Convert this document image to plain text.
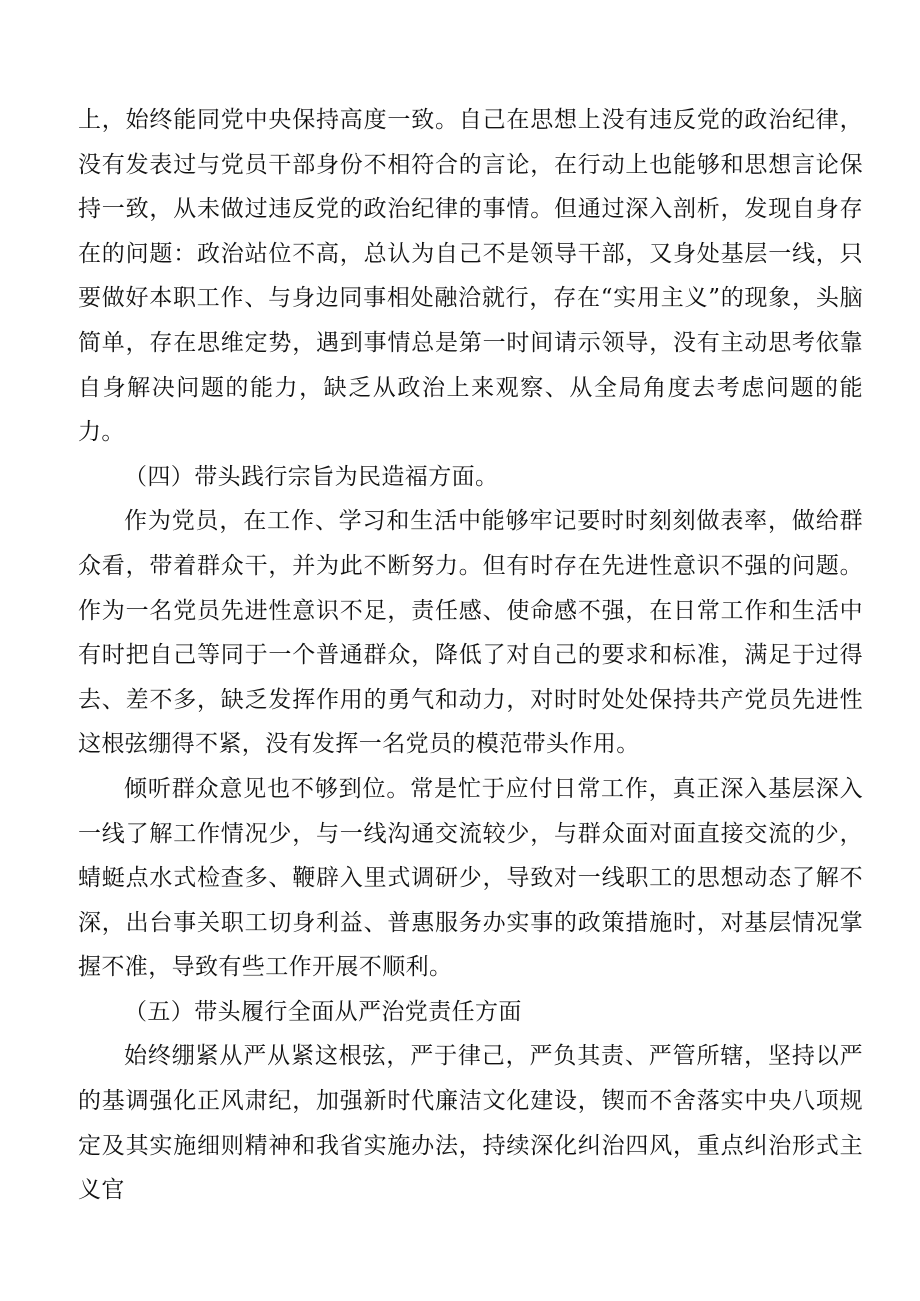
上，始终能同党中央保持高度一致。自己在思想上没有违反党的政治纪律，没有发表过与党员干部身份不相符合的言论，在行动上也能够和思想言论保持一致，从未做过违反党的政治纪律的事情。但通过深入剖析，发现自身存在的问题：政治站位不高，总认为自己不是领导干部，又身处基层一线，只要做好本职工作、与身边同事相处融洽就行，存在“实用主义”的现象，头脑简单，存在思维定势，遇到事情总是第一时间请示领导，没有主动思考依靠自身解决问题的能力，缺乏从政治上来观察、从全局角度去考虑问题的能力。

（四）带头践行宗旨为民造福方面。

作为党员，在工作、学习和生活中能够牢记要时时刻刻做表率，做给群众看，带着群众干，并为此不断努力。但有时存在先进性意识不强的问题。作为一名党员先进性意识不足，责任感、使命感不强，在日常工作和生活中有时把自己等同于一个普通群众，降低了对自己的要求和标准，满足于过得去、差不多，缺乏发挥作用的勇气和动力，对时时处处保持共产党员先进性这根弦绷得不紧，没有发挥一名党员的模范带头作用。

倾听群众意见也不够到位。常是忙于应付日常工作，真正深入基层深入一线了解工作情况少，与一线沟通交流较少，与群众面对面直接交流的少，蜻蜓点水式检查多、鞭辟入里式调研少，导致对一线职工的思想动态了解不深，出台事关职工切身利益、普惠服务办实事的政策措施时，对基层情况掌握不准，导致有些工作开展不顺利。

（五）带头履行全面从严治党责任方面

始终绷紧从严从紧这根弦，严于律己，严负其责、严管所辖，坚持以严的基调强化正风肃纪，加强新时代廉洁文化建设，锲而不舍落实中央八项规定及其实施细则精神和我省实施办法，持续深化纠治四风，重点纠治形式主义官
